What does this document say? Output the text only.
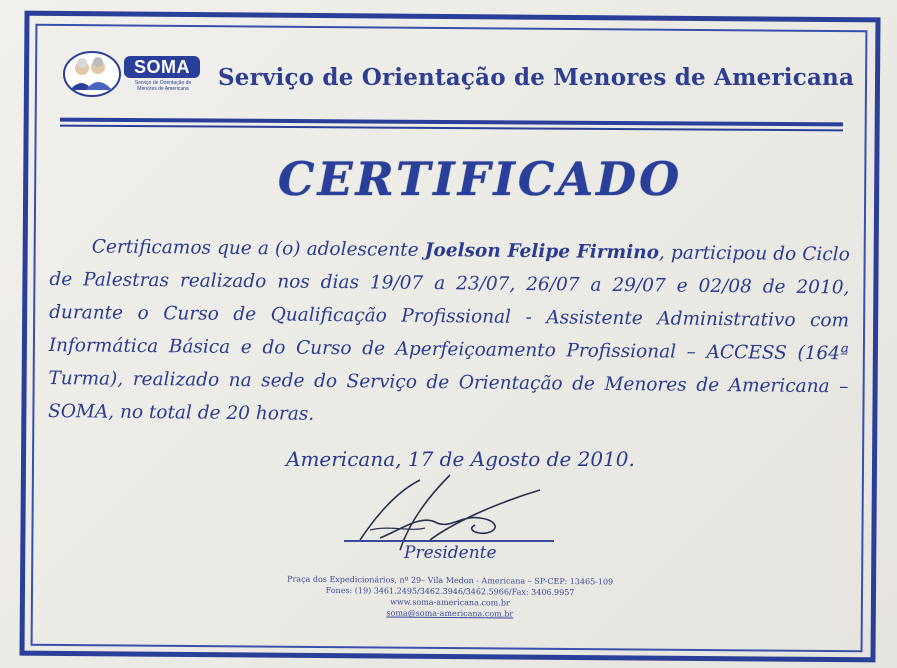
SOMA
Serviço de Orientação de Menores de Americana	Serviço de Orientação de Menores de Americana
CERTIFICADO
Certificamos que a (o) adolescente Joelson Felipe Firmino, participou do Ciclo de Palestras realizado nos dias 19/07 a 23/07, 26/07 a 29/07 e 02/08 de 2010, durante o Curso de Qualificação Profissional - Assistente Administrativo com Informática Básica e do Curso de Aperfeiçoamento Profissional – ACCESS (164ª Turma), realizado na sede do Serviço de Orientação de Menores de Americana – SOMA, no total de 20 horas.
Americana, 17 de Agosto de 2010.
Presidente
Praça dos Expedicionários, nº 29– Vila Medon - Americana – SP-CEP: 13465-109
Fones: (19) 3461.2495/3462.3946/3462.5966/Fax: 3406.9957
www.soma-americana.com.br
soma@soma-americana.com.br
